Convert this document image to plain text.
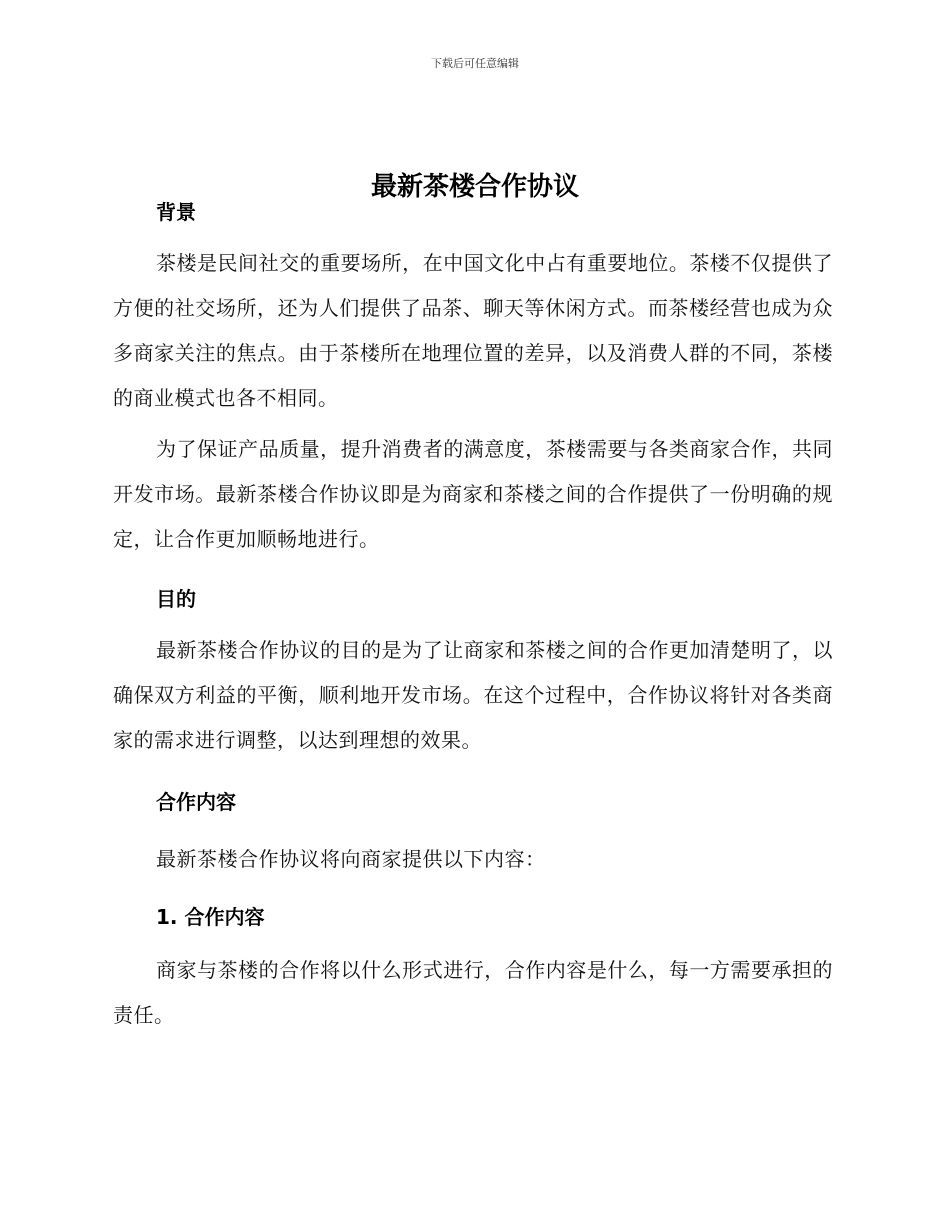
下载后可任意编辑
最新茶楼合作协议
背景

茶楼是民间社交的重要场所，在中国文化中占有重要地位。茶楼不仅提供了方便的社交场所，还为人们提供了品茶、聊天等休闲方式。而茶楼经营也成为众多商家关注的焦点。由于茶楼所在地理位置的差异，以及消费人群的不同，茶楼的商业模式也各不相同。

为了保证产品质量，提升消费者的满意度，茶楼需要与各类商家合作，共同开发市场。最新茶楼合作协议即是为商家和茶楼之间的合作提供了一份明确的规定，让合作更加顺畅地进行。

目的

最新茶楼合作协议的目的是为了让商家和茶楼之间的合作更加清楚明了，以确保双方利益的平衡，顺利地开发市场。在这个过程中，合作协议将针对各类商家的需求进行调整，以达到理想的效果。

合作内容

最新茶楼合作协议将向商家提供以下内容：

1. 合作内容

商家与茶楼的合作将以什么形式进行，合作内容是什么，每一方需要承担的责任。
